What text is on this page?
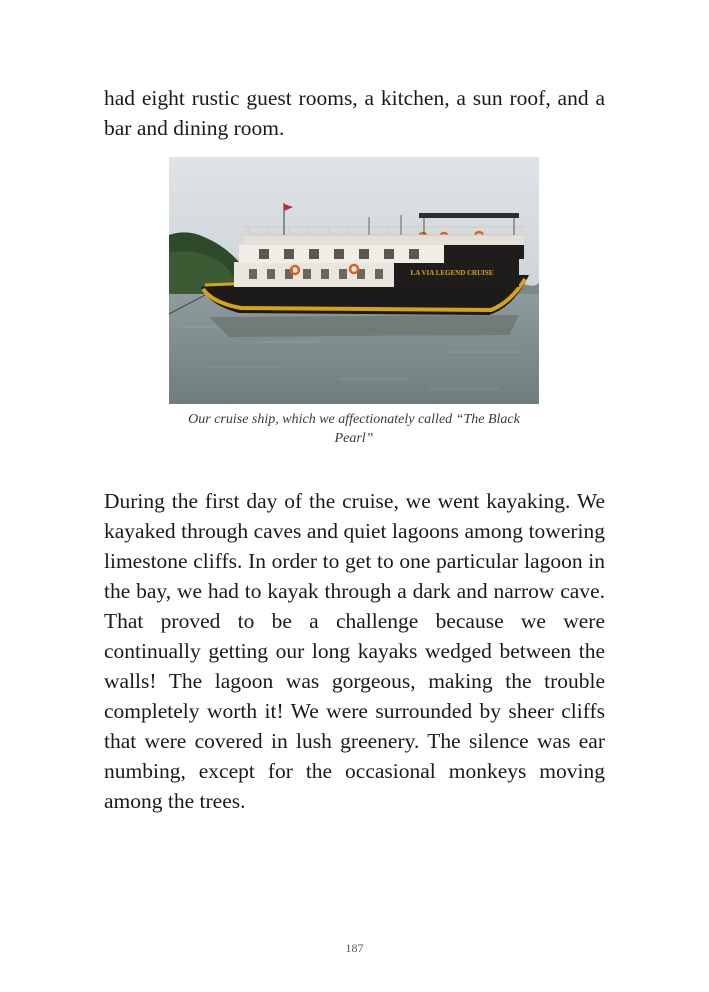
had eight rustic guest rooms, a kitchen, a sun roof, and a bar and dining room.

LA VIA LEGEND CRUISE

Our cruise ship, which we affectionately called “The Black Pearl”

During the first day of the cruise, we went kayaking. We kayaked through caves and quiet lagoons among towering limestone cliffs. In order to get to one particular lagoon in the bay, we had to kayak through a dark and narrow cave. That proved to be a challenge because we were continually getting our long kayaks wedged between the walls! The lagoon was gorgeous, making the trouble completely worth it! We were surrounded by sheer cliffs that were covered in lush greenery. The silence was ear numbing, except for the occasional monkeys moving among the trees.

187
